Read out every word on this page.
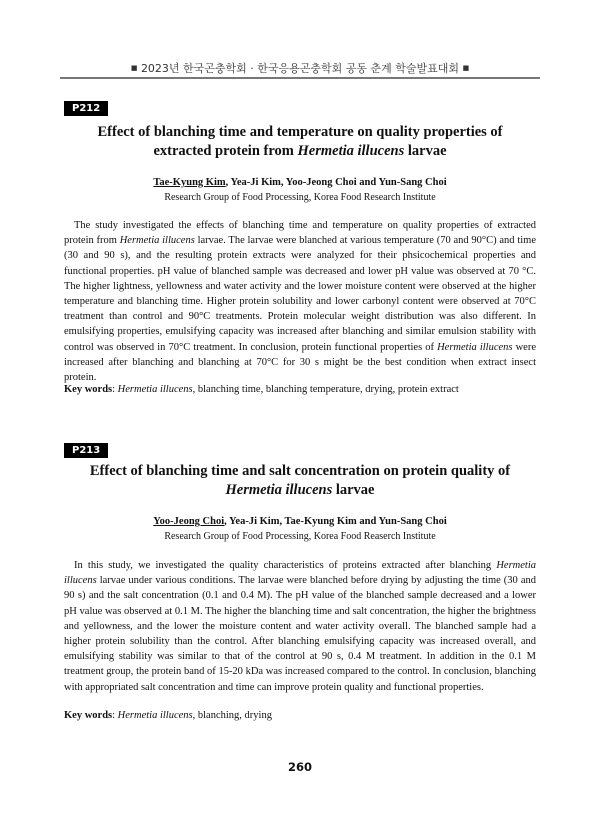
■ 2023년 한국곤충학회 · 한국응용곤충학회 공동 춘계 학술발표대회 ■
P212
Effect of blanching time and temperature on quality properties of
extracted protein from Hermetia illucens larvae
Tae-Kyung Kim, Yea-Ji Kim, Yoo-Jeong Choi and Yun-Sang Choi
Research Group of Food Processing, Korea Food Research Institute

The study investigated the effects of blanching time and temperature on quality properties of extracted protein from Hermetia illucens larvae. The larvae were blanched at various temperature (70 and 90°C) and time (30 and 90 s), and the resulting protein extracts were analyzed for their phsicochemical properties and functional properties. pH value of blanched sample was decreased and lower pH value was observed at 70 °C. The higher lightness, yellowness and water activity and the lower moisture content were observed at the higher temperature and blanching time. Higher protein solubility and lower carbonyl content were observed at 70°C treatment than control and 90°C treatments. Protein molecular weight distribution was also different. In emulsifying properties, emulsifying capacity was increased after blanching and similar emulsion stability with control was observed in 70°C treatment. In conclusion, protein functional properties of Hermetia illucens were increased after blanching and blanching at 70°C for 30 s might be the best condition when extract insect protein.

Key words: Hermetia illucens, blanching time, blanching temperature, drying, protein extract

P213
Effect of blanching time and salt concentration on protein quality of
Hermetia illucens larvae
Yoo-Jeong Choi, Yea-Ji Kim, Tae-Kyung Kim and Yun-Sang Choi
Research Group of Food Processing, Korea Food Reaserch Institute

In this study, we investigated the quality characteristics of proteins extracted after blanching Hermetia illucens larvae under various conditions. The larvae were blanched before drying by adjusting the time (30 and 90 s) and the salt concentration (0.1 and 0.4 M). The pH value of the blanched sample decreased and a lower pH value was observed at 0.1 M. The higher the blanching time and salt concentration, the higher the brightness and yellowness, and the lower the moisture content and water activity overall. The blanched sample had a higher protein solubility than the control. After blanching emulsifying capacity was increased overall, and emulsifying stability was similar to that of the control at 90 s, 0.4 M treatment. In addition in the 0.1 M treatment group, the protein band of 15-20 kDa was increased compared to the control. In conclusion, blanching with appropriated salt concentration and time can improve protein quality and functional properties.

Key words: Hermetia illucens, blanching, drying

260
